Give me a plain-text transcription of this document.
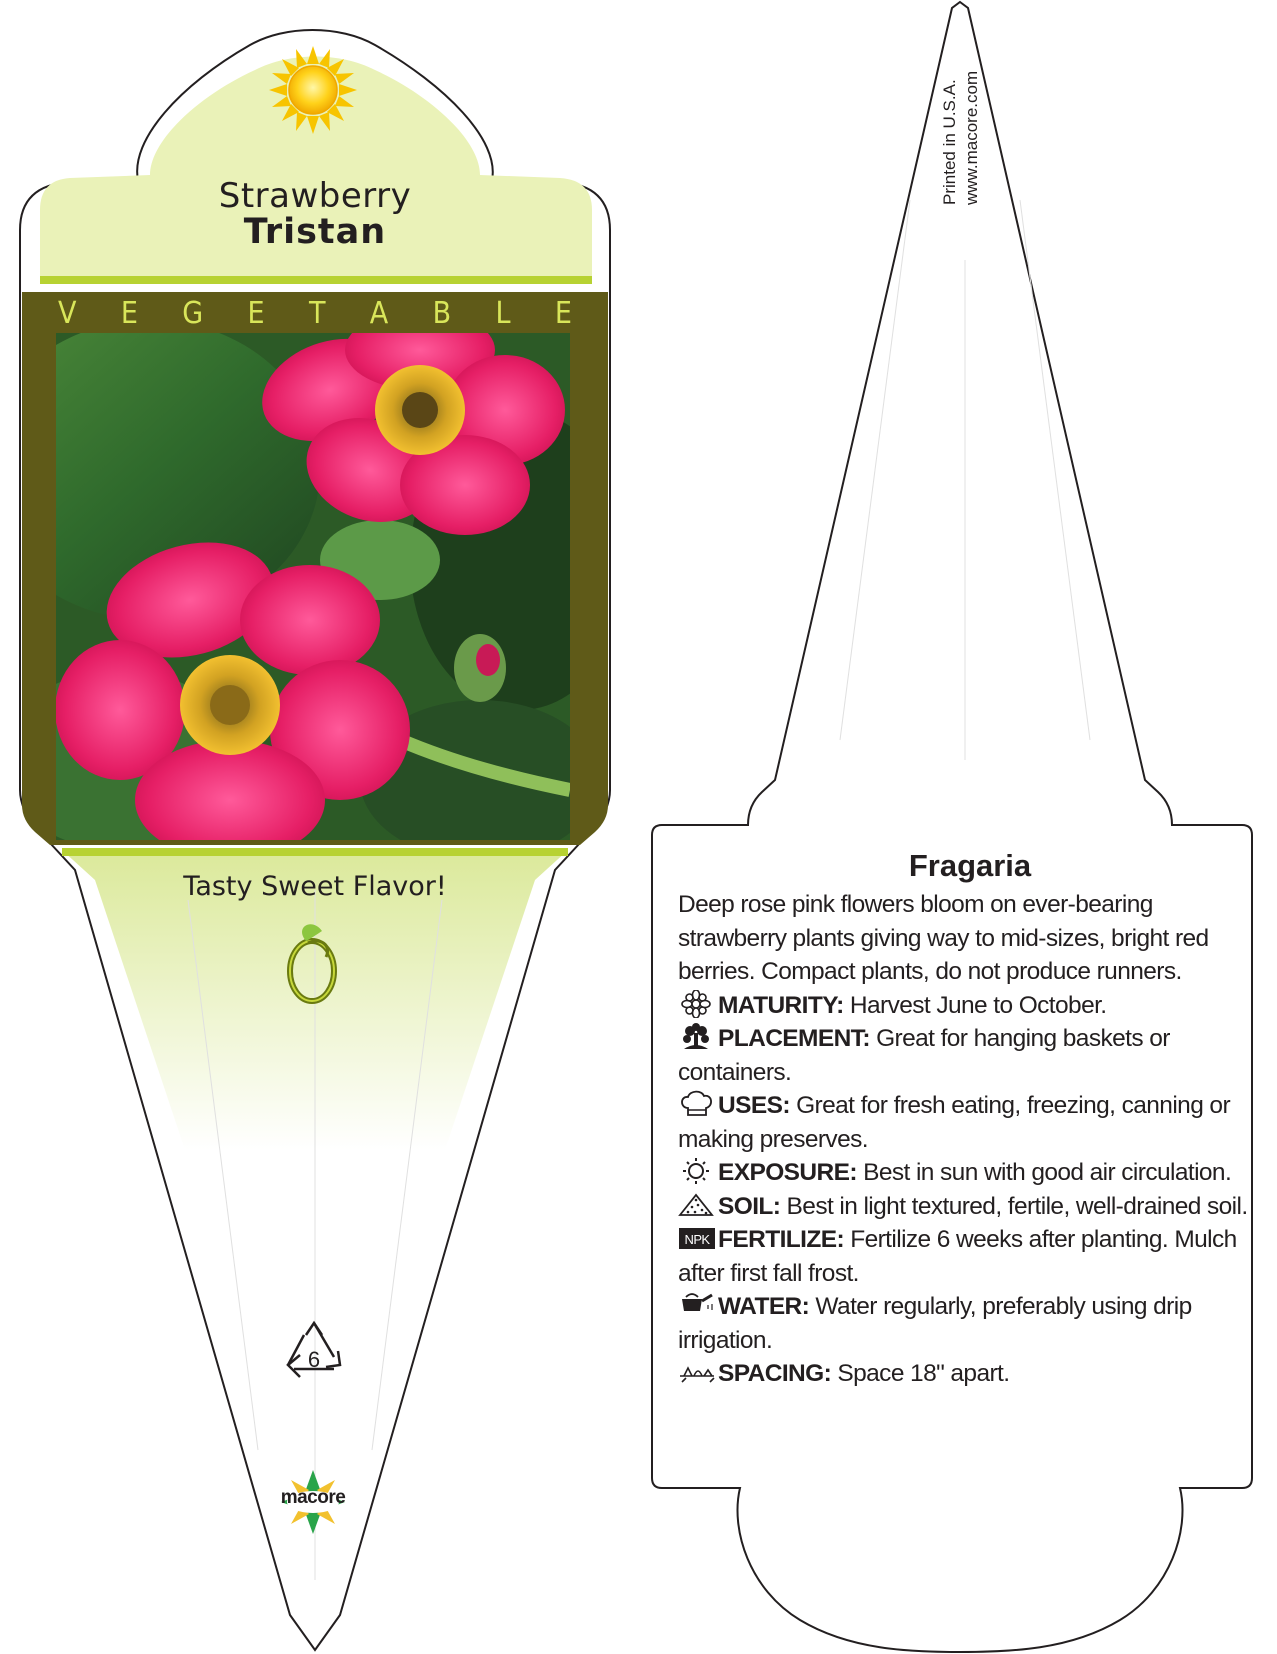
Strawberry
Tristan
V E G E T A B L E
Tasty Sweet Flavor!
6
macore
Printed in U.S.A. www.macore.com
Fragaria

Deep rose pink flowers bloom on ever-bearing strawberry plants giving way to mid-sizes, bright red berries. Compact plants, do not produce runners.

MATURITY: Harvest June to October.

PLACEMENT: Great for hanging baskets or containers.

USES: Great for fresh eating, freezing, canning or making preserves.

EXPOSURE: Best in sun with good air circulation.

SOIL: Best in light textured, fertile, well-drained soil.

NPK FERTILIZE: Fertilize 6 weeks after planting. Mulch after first fall frost.

WATER: Water regularly, preferably using drip irrigation.

SPACING: Space 18" apart.
